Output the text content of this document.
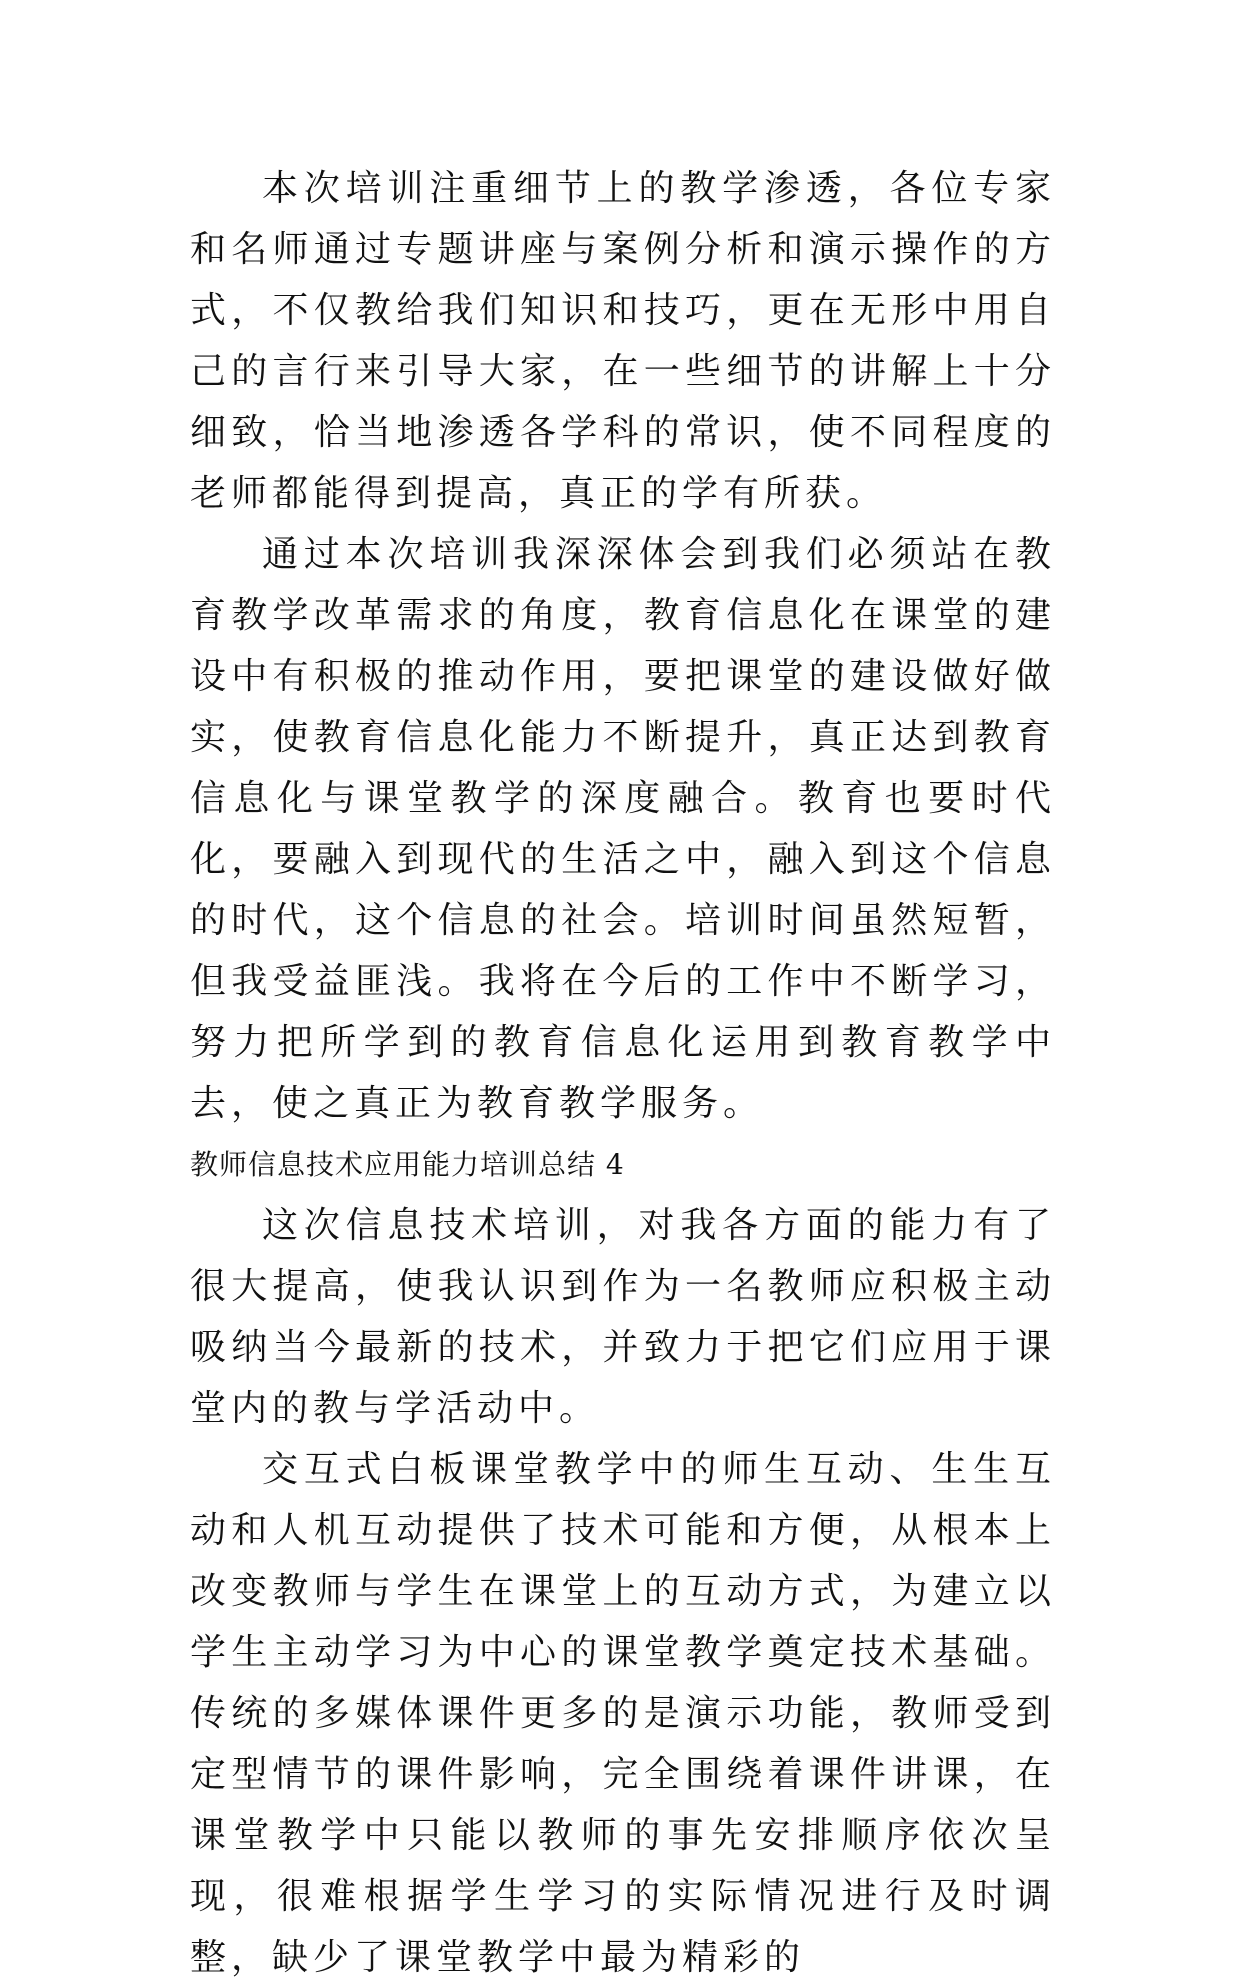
本次培训注重细节上的教学渗透，各位专家和名师通过专题讲座与案例分析和演示操作的方式，不仅教给我们知识和技巧，更在无形中用自己的言行来引导大家，在一些细节的讲解上十分细致，恰当地渗透各学科的常识，使不同程度的老师都能得到提高，真正的学有所获。

通过本次培训我深深体会到我们必须站在教育教学改革需求的角度，教育信息化在课堂的建设中有积极的推动作用，要把课堂的建设做好做实，使教育信息化能力不断提升，真正达到教育信息化与课堂教学的深度融合。教育也要时代化，要融入到现代的生活之中，融入到这个信息的时代，这个信息的社会。培训时间虽然短暂，但我受益匪浅。我将在今后的工作中不断学习，努力把所学到的教育信息化运用到教育教学中去，使之真正为教育教学服务。

教师信息技术应用能力培训总结 4

这次信息技术培训，对我各方面的能力有了很大提高，使我认识到作为一名教师应积极主动吸纳当今最新的技术，并致力于把它们应用于课堂内的教与学活动中。

交互式白板课堂教学中的师生互动、生生互动和人机互动提供了技术可能和方便，从根本上改变教师与学生在课堂上的互动方式，为建立以学生主动学习为中心的课堂教学奠定技术基础。传统的多媒体课件更多的是演示功能，教师受到定型情节的课件影响，完全围绕着课件讲课，在课堂教学中只能以教师的事先安排顺序依次呈现，很难根据学生学习的实际情况进行及时调整，缺少了课堂教学中最为精彩的
